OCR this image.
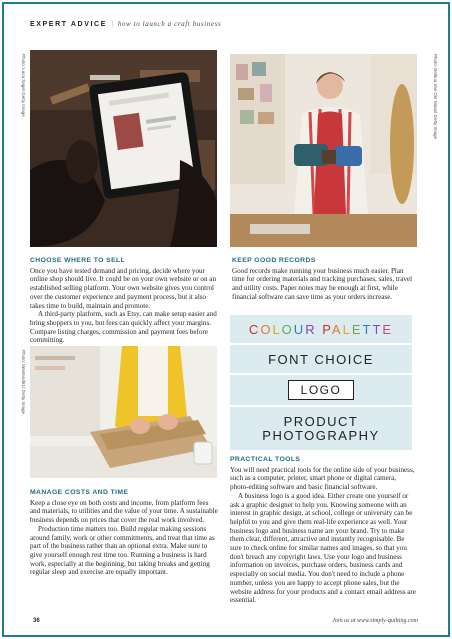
EXPERT ADVICE | how to launch a craft business
Photo: Luca Sage/ Getty Image	Photo: Bettina Van Der Maas/ Getty Image
CHOOSE WHERE TO SELL

Once you have tested demand and pricing, decide where your online shop should live. It could be on your own website or on an established selling platform. Your own website gives you control over the customer experience and payment process, but it also takes time to build, maintain and promote.

A third-party platform, such as Etsy, can make setup easier and bring shoppers to you, but fees can quickly affect your margins. Compare listing charges, commission and payment fees before committing.

KEEP GOOD RECORDS

Good records make running your business much easier. Plan time for ordering materials and tracking purchases, sales, travel and utility costs. Paper notes may be enough at first, while financial software can save time as your orders increase.

COLOUR PALETTE
FONT CHOICE
LOGO
PRODUCT
PHOTOGRAPHY
Photo: Westend61/ Getty Image
MANAGE COSTS AND TIME

Keep a close eye on both costs and income, from platform fees and materials, to utilities and the value of your time. A sustainable business depends on prices that cover the real work involved.

Production time matters too. Build regular making sessions around family, work or other commitments, and treat that time as part of the business rather than an optional extra. Make sure to give yourself enough rest time too. Running a business is hard work, especially at the beginning, but taking breaks and getting regular sleep and exercise are equally important.

PRACTICAL TOOLS

You will need practical tools for the online side of your business, such as a computer, printer, smart phone or digital camera, photo-editing software and basic financial software.

A business logo is a good idea. Either create one yourself or ask a graphic designer to help you. Knowing someone with an interest in graphic design, at school, college or university can be helpful to you and give them real-life experience as well. Your business logo and business name are your brand. Try to make them clear, different, attractive and instantly recognisable. Be sure to check online for similar names and images, so that you don't breach any copyright laws. Use your logo and business information on invoices, purchase orders, business cards and especially on social media. You don't need to include a phone number, unless you are happy to accept phone sales, but the website address for your products and a contact email address are essential.

36	Join us at www.simply-quilting.com
